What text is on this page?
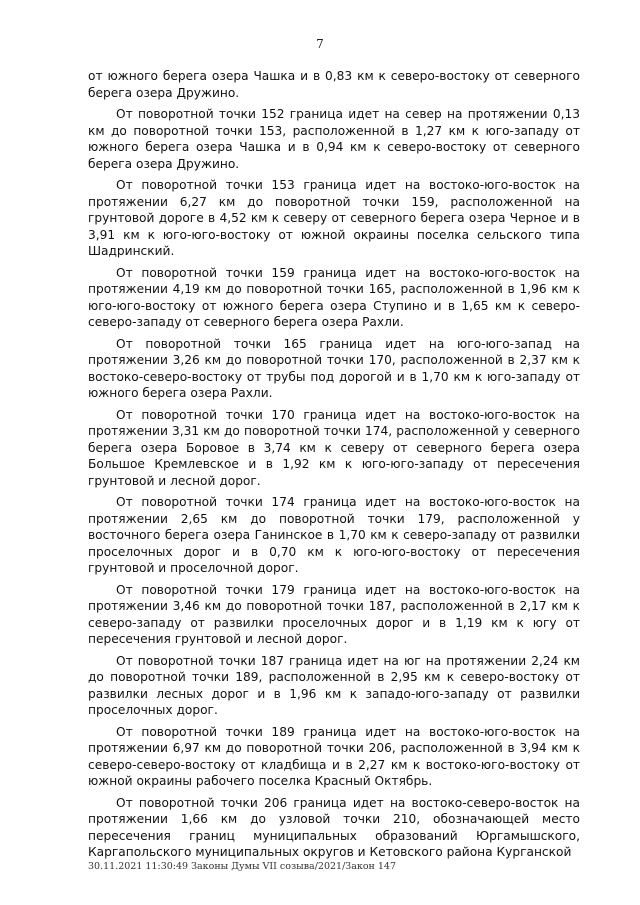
7

от южного берега озера Чашка и в 0,83 км к северо-востоку от северного берега озера Дружино.

От поворотной точки 152 граница идет на север на протяжении 0,13 км до поворотной точки 153, расположенной в 1,27 км к юго-западу от южного берега озера Чашка и в 0,94 км к северо-востоку от северного берега озера Дружино.

От поворотной точки 153 граница идет на востоко-юго-восток на протяжении 6,27 км до поворотной точки 159, расположенной на грунтовой дороге в 4,52 км к северу от северного берега озера Черное и в 3,91 км к юго-юго-востоку от южной окраины поселка сельского типа Шадринский.

От поворотной точки 159 граница идет на востоко-юго-восток на протяжении 4,19 км до поворотной точки 165, расположенной в 1,96 км к юго-юго-востоку от южного берега озера Ступино и в 1,65 км к северо-северо-западу от северного берега озера Рахли.

От поворотной точки 165 граница идет на юго-юго-запад на протяжении 3,26 км до поворотной точки 170, расположенной в 2,37 км к востоко-северо-востоку от трубы под дорогой и в 1,70 км к юго-западу от южного берега озера Рахли.

От поворотной точки 170 граница идет на востоко-юго-восток на протяжении 3,31 км до поворотной точки 174, расположенной у северного берега озера Боровое в 3,74 км к северу от северного берега озера Большое Кремлевское и в 1,92 км к юго-юго-западу от пересечения грунтовой и лесной дорог.

От поворотной точки 174 граница идет на востоко-юго-восток на протяжении 2,65 км до поворотной точки 179, расположенной у восточного берега озера Ганинское в 1,70 км к северо-западу от развилки проселочных дорог и в 0,70 км к юго-юго-востоку от пересечения грунтовой и проселочной дорог.

От поворотной точки 179 граница идет на востоко-юго-восток на протяжении 3,46 км до поворотной точки 187, расположенной в 2,17 км к северо-западу от развилки проселочных дорог и в 1,19 км к югу от пересечения грунтовой и лесной дорог.

От поворотной точки 187 граница идет на юг на протяжении 2,24 км до поворотной точки 189, расположенной в 2,95 км к северо-востоку от развилки лесных дорог и в 1,96 км к западо-юго-западу от развилки проселочных дорог.

От поворотной точки 189 граница идет на востоко-юго-восток на протяжении 6,97 км до поворотной точки 206, расположенной в 3,94 км к северо-северо-востоку от кладбища и в 2,27 км к востоко-юго-востоку от южной окраины рабочего поселка Красный Октябрь.

От поворотной точки 206 граница идет на востоко-северо-восток на протяжении 1,66 км до узловой точки 210, обозначающей место пересечения границ муниципальных образований Юргамышского, Каргапольского муниципальных округов и Кетовского района Курганской

30.11.2021 11:30:49 Законы Думы VII созыва/2021/Закон 147
